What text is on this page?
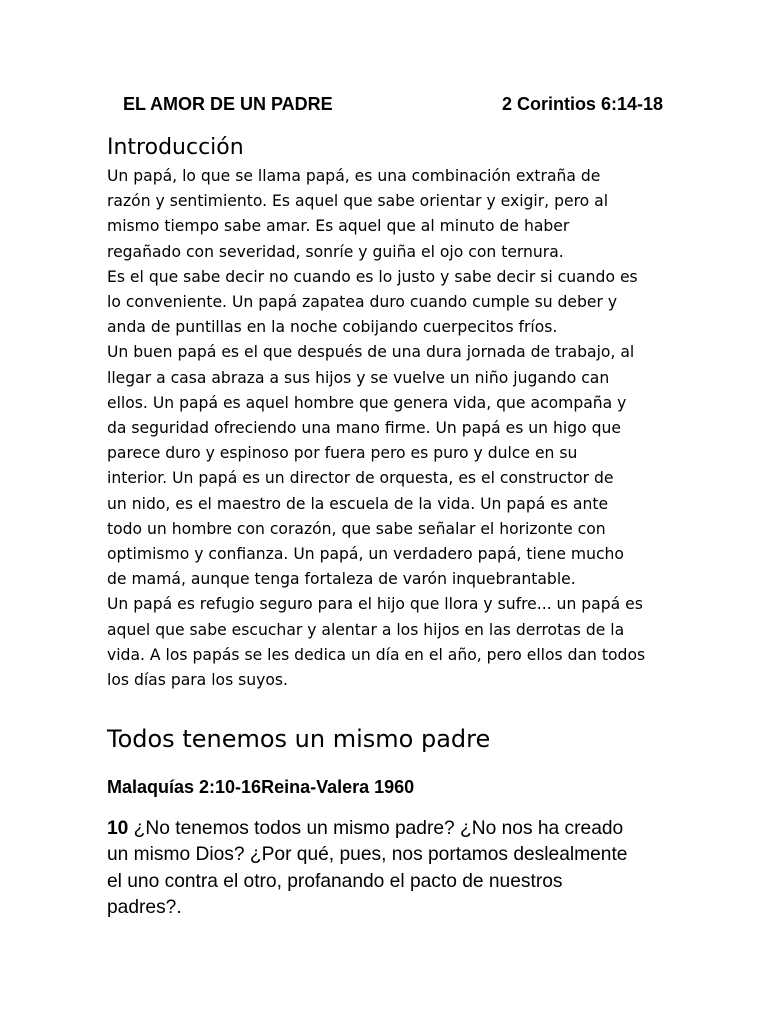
EL AMOR DE UN PADRE	2 Corintios 6:14-18
Introducción

Un papá, lo que se llama papá, es una combinación extraña de

razón y sentimiento. Es aquel que sabe orientar y exigir, pero al

mismo tiempo sabe amar. Es aquel que al minuto de haber

regañado con severidad, sonríe y guiña el ojo con ternura.

Es el que sabe decir no cuando es lo justo y sabe decir si cuando es

lo conveniente. Un papá zapatea duro cuando cumple su deber y

anda de puntillas en la noche cobijando cuerpecitos fríos.

Un buen papá es el que después de una dura jornada de trabajo, al

llegar a casa abraza a sus hijos y se vuelve un niño jugando can

ellos. Un papá es aquel hombre que genera vida, que acompaña y

da seguridad ofreciendo una mano firme. Un papá es un higo que

parece duro y espinoso por fuera pero es puro y dulce en su

interior. Un papá es un director de orquesta, es el constructor de

un nido, es el maestro de la escuela de la vida. Un papá es ante

todo un hombre con corazón, que sabe señalar el horizonte con

optimismo y confianza. Un papá, un verdadero papá, tiene mucho

de mamá, aunque tenga fortaleza de varón inquebrantable.

Un papá es refugio seguro para el hijo que llora y sufre... un papá es

aquel que sabe escuchar y alentar a los hijos en las derrotas de la

vida. A los papás se les dedica un día en el año, pero ellos dan todos

los días para los suyos.

Todos tenemos un mismo padre
Malaquías 2:10-16Reina-Valera 1960
10 ¿No tenemos todos un mismo padre? ¿No nos ha creado
un mismo Dios? ¿Por qué, pues, nos portamos deslealmente
el uno contra el otro, profanando el pacto de nuestros
padres?.
